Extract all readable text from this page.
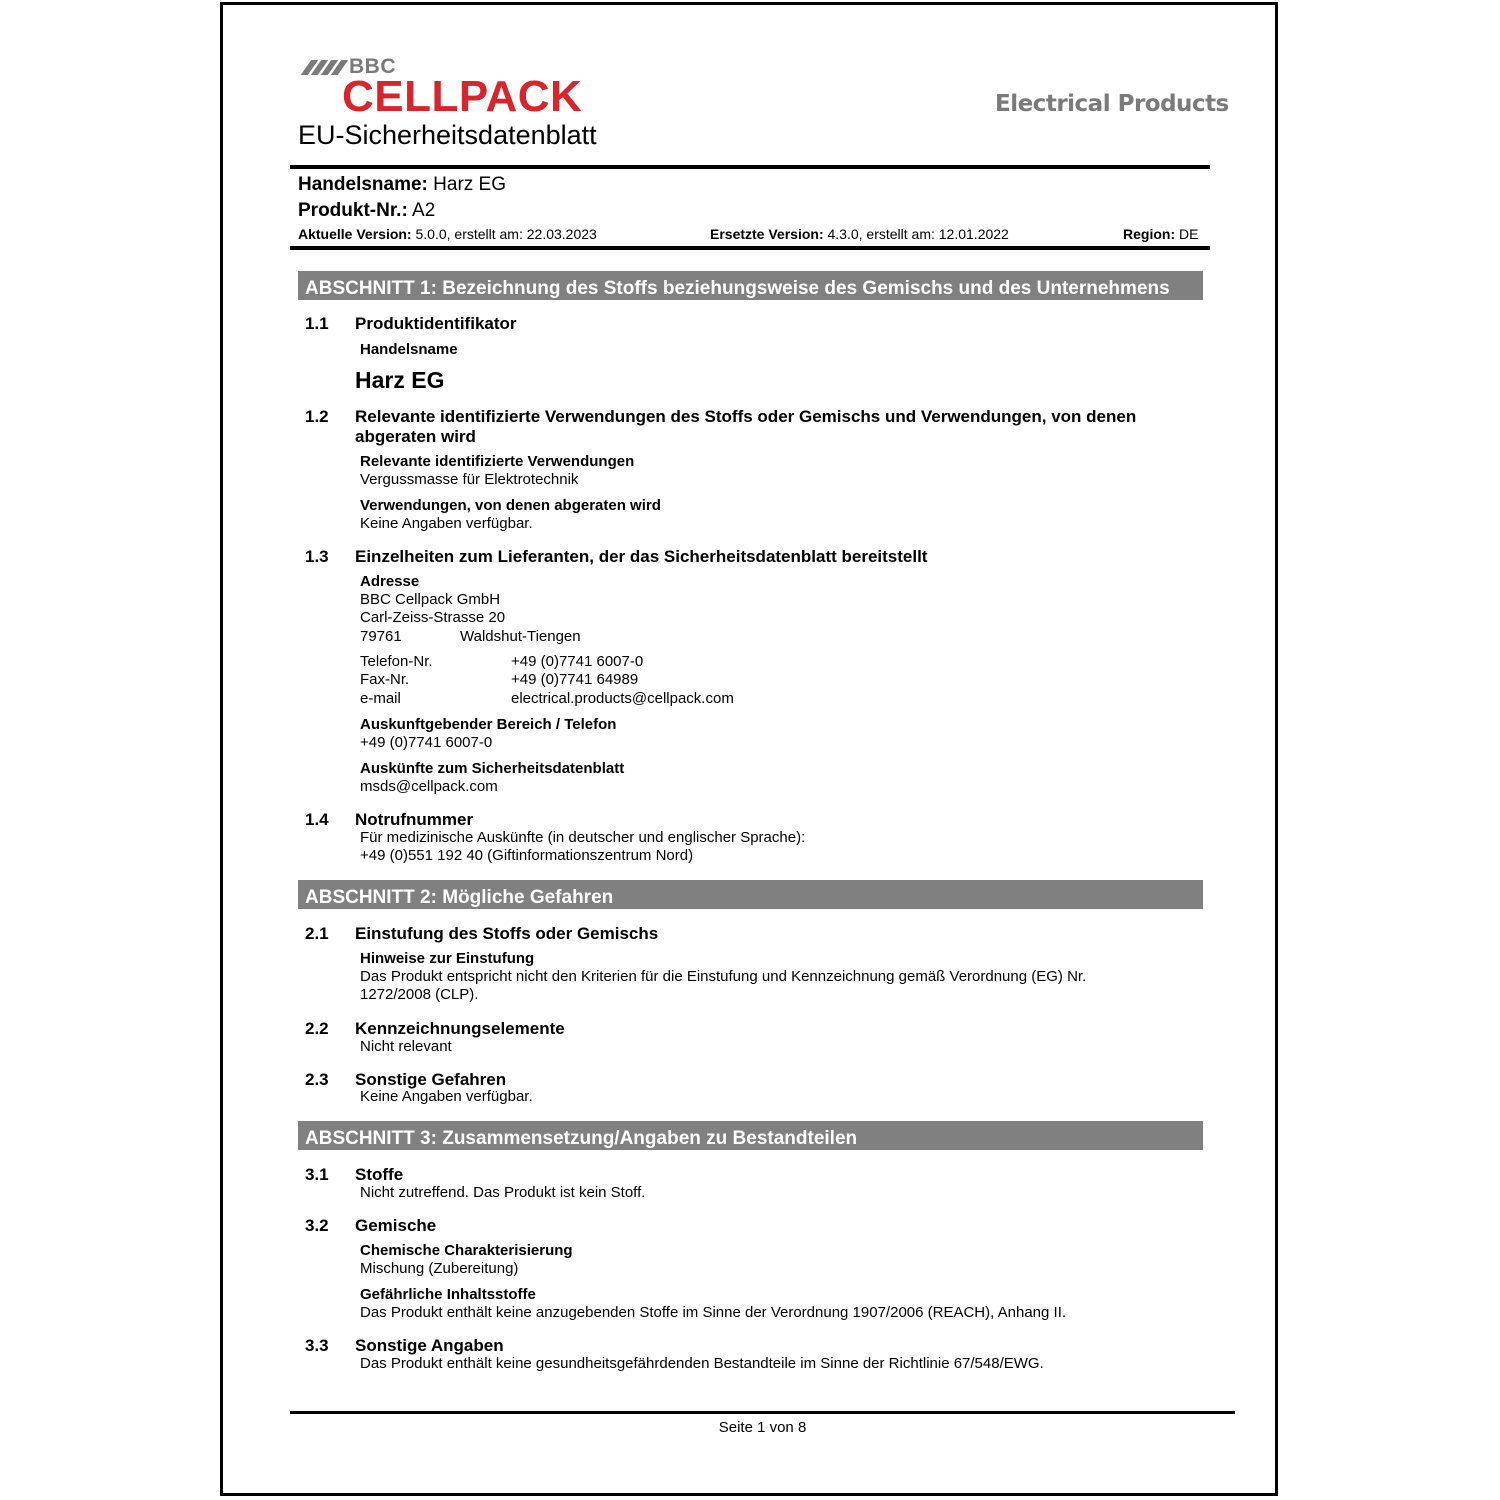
BBC
CELLPACK
EU-Sicherheitsdatenblatt
Electrical Products
Handelsname: Harz EG
Produkt-Nr.: A2
Aktuelle Version: 5.0.0, erstellt am: 22.03.2023	Ersetzte Version: 4.3.0, erstellt am: 12.01.2022	Region: DE
ABSCHNITT 1: Bezeichnung des Stoffs beziehungsweise des Gemischs und des Unternehmens
1.1 Produktidentifikator
Handelsname
Harz EG
1.2 Relevante identifizierte Verwendungen des Stoffs oder Gemischs und Verwendungen, von denen
abgeraten wird
Relevante identifizierte Verwendungen
Vergussmasse für Elektrotechnik
Verwendungen, von denen abgeraten wird
Keine Angaben verfügbar.
1.3 Einzelheiten zum Lieferanten, der das Sicherheitsdatenblatt bereitstellt
Adresse
BBC Cellpack GmbH
Carl-Zeiss-Strasse 20
79761	Waldshut-Tiengen
Telefon-Nr.	+49 (0)7741 6007-0
Fax-Nr.	+49 (0)7741 64989
e-mail	electrical.products@cellpack.com
Auskunftgebender Bereich / Telefon
+49 (0)7741 6007-0
Auskünfte zum Sicherheitsdatenblatt
msds@cellpack.com
1.4 Notrufnummer
Für medizinische Auskünfte (in deutscher und englischer Sprache):
+49 (0)551 192 40 (Giftinformationszentrum Nord)
ABSCHNITT 2: Mögliche Gefahren
2.1 Einstufung des Stoffs oder Gemischs
Hinweise zur Einstufung
Das Produkt entspricht nicht den Kriterien für die Einstufung und Kennzeichnung gemäß Verordnung (EG) Nr.
1272/2008 (CLP).
2.2 Kennzeichnungselemente
Nicht relevant
2.3 Sonstige Gefahren
Keine Angaben verfügbar.
ABSCHNITT 3: Zusammensetzung/Angaben zu Bestandteilen
3.1 Stoffe
Nicht zutreffend. Das Produkt ist kein Stoff.
3.2 Gemische
Chemische Charakterisierung
Mischung (Zubereitung)
Gefährliche Inhaltsstoffe
Das Produkt enthält keine anzugebenden Stoffe im Sinne der Verordnung 1907/2006 (REACH), Anhang II.
3.3 Sonstige Angaben
Das Produkt enthält keine gesundheitsgefährdenden Bestandteile im Sinne der Richtlinie 67/548/EWG.
Seite 1 von 8
